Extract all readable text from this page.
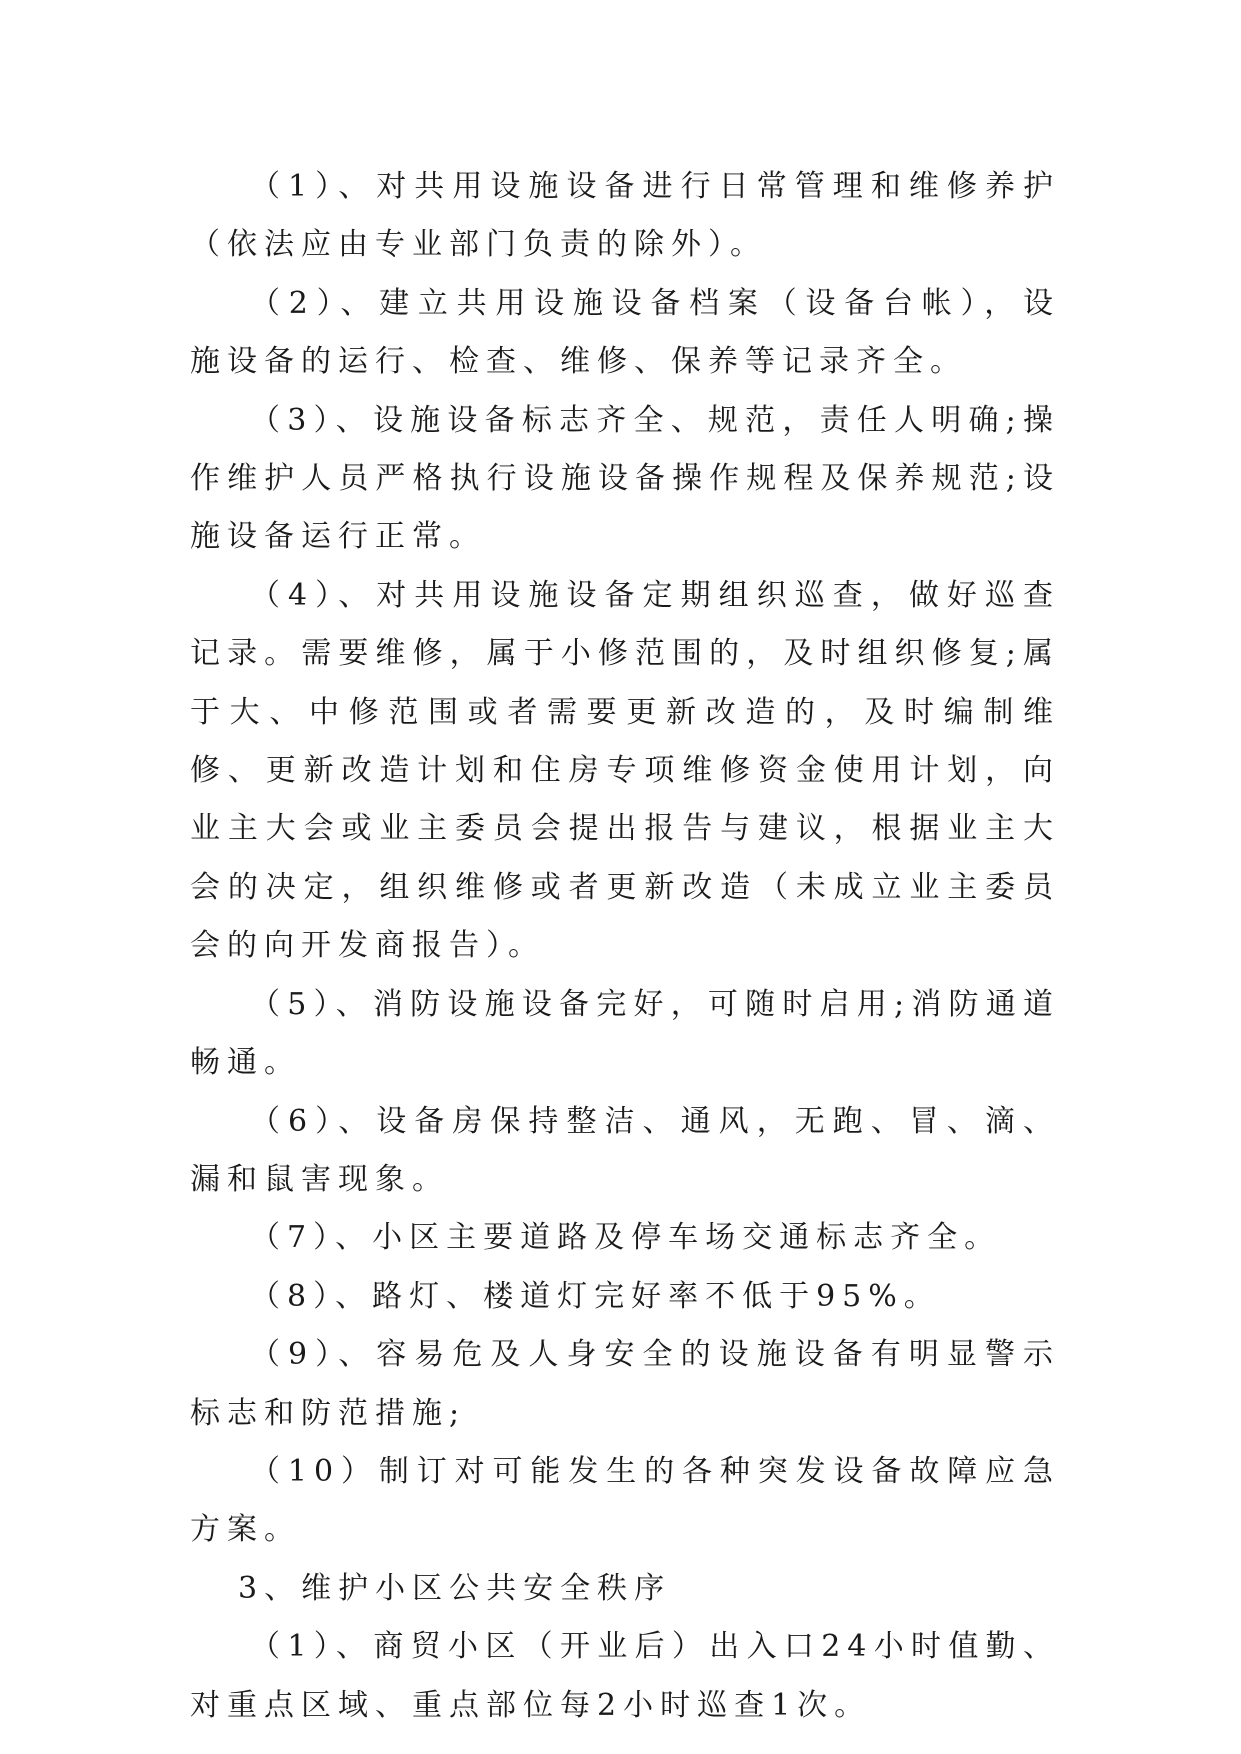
（1）、对共用设施设备进行日常管理和维修养护（依法应由专业部门负责的除外）。

（2）、建立共用设施设备档案（设备台帐），设施设备的运行、检查、维修、保养等记录齐全。

（3）、设施设备标志齐全、规范，责任人明确;操作维护人员严格执行设施设备操作规程及保养规范;设施设备运行正常。

（4）、对共用设施设备定期组织巡查，做好巡查记录。需要维修，属于小修范围的，及时组织修复;属于大、中修范围或者需要更新改造的，及时编制维修、更新改造计划和住房专项维修资金使用计划，向业主大会或业主委员会提出报告与建议，根据业主大会的决定，组织维修或者更新改造（未成立业主委员会的向开发商报告）。

（5）、消防设施设备完好，可随时启用;消防通道畅通。

（6）、设备房保持整洁、通风，无跑、冒、滴、漏和鼠害现象。

（7）、小区主要道路及停车场交通标志齐全。

（8）、路灯、楼道灯完好率不低于95%。

（9）、容易危及人身安全的设施设备有明显警示标志和防范措施;

（10）制订对可能发生的各种突发设备故障应急方案。

3、维护小区公共安全秩序

（1）、商贸小区（开业后）出入口24小时值勤、对重点区域、重点部位每2小时巡查1次。
